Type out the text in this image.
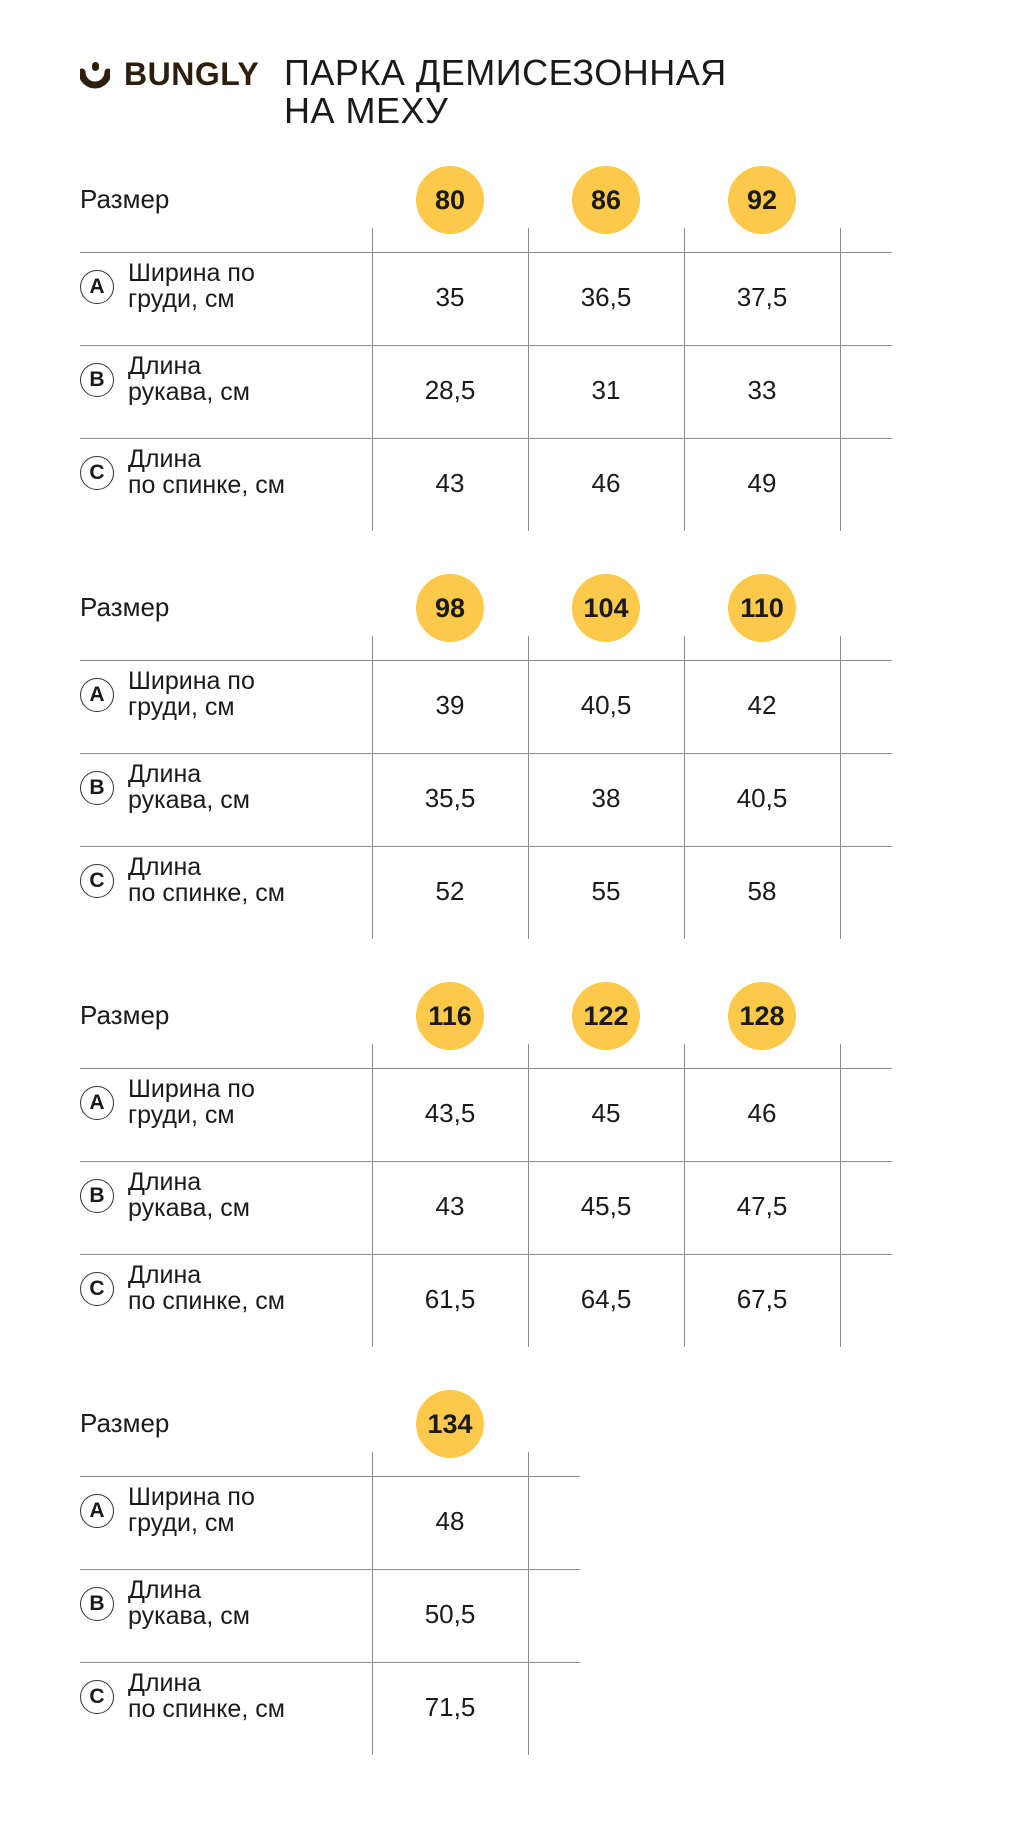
BUNGLY ПАРКА ДЕМИСЕЗОННАЯ
НА МЕХУ
Размер	80	86	92
A Ширина по
груди, см	35	36,5	37,5
B Длина
рукава, см	28,5	31	33
C Длина
по спинке, см	43	46	49
Размер	98	104	110
A Ширина по
груди, см	39	40,5	42
B Длина
рукава, см	35,5	38	40,5
C Длина
по спинке, см	52	55	58
Размер	116	122	128
A Ширина по
груди, см	43,5	45	46
B Длина
рукава, см	43	45,5	47,5
C Длина
по спинке, см	61,5	64,5	67,5
Размер	134
A Ширина по
груди, см	48
B Длина
рукава, см	50,5
C Длина
по спинке, см	71,5
